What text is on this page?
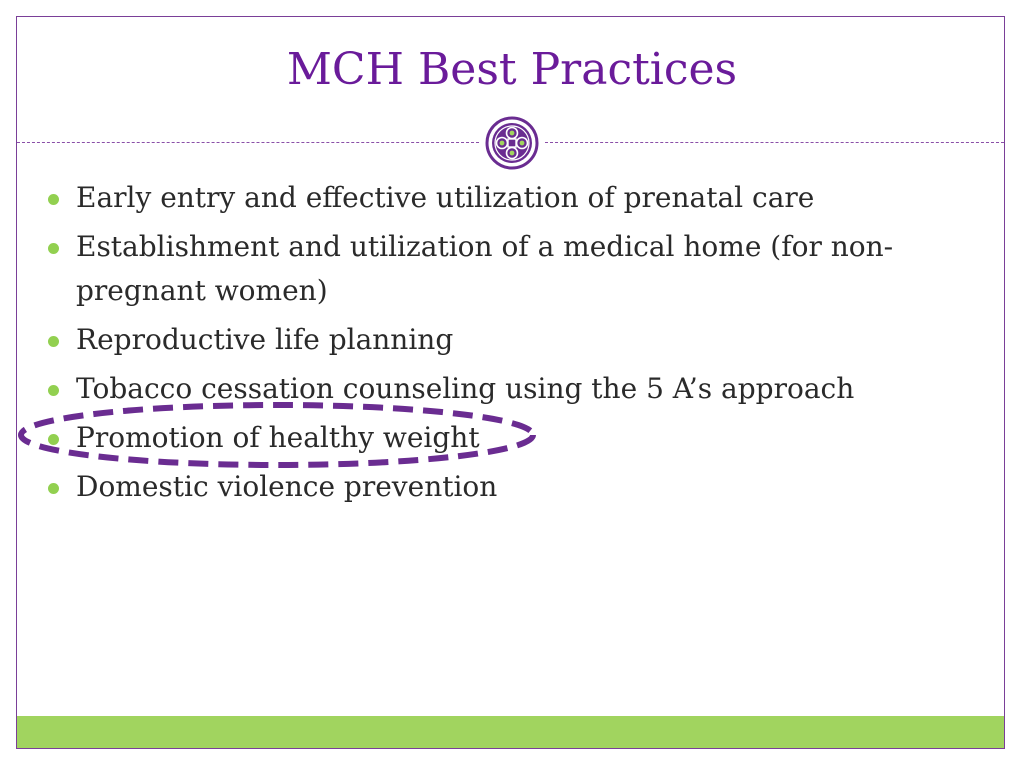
MCH Best Practices
Early entry and effective utilization of prenatal care
Establishment and utilization of a medical home (for non-pregnant women)
Reproductive life planning
Tobacco cessation counseling using the 5 A’s approach
Promotion of healthy weight
Domestic violence prevention
